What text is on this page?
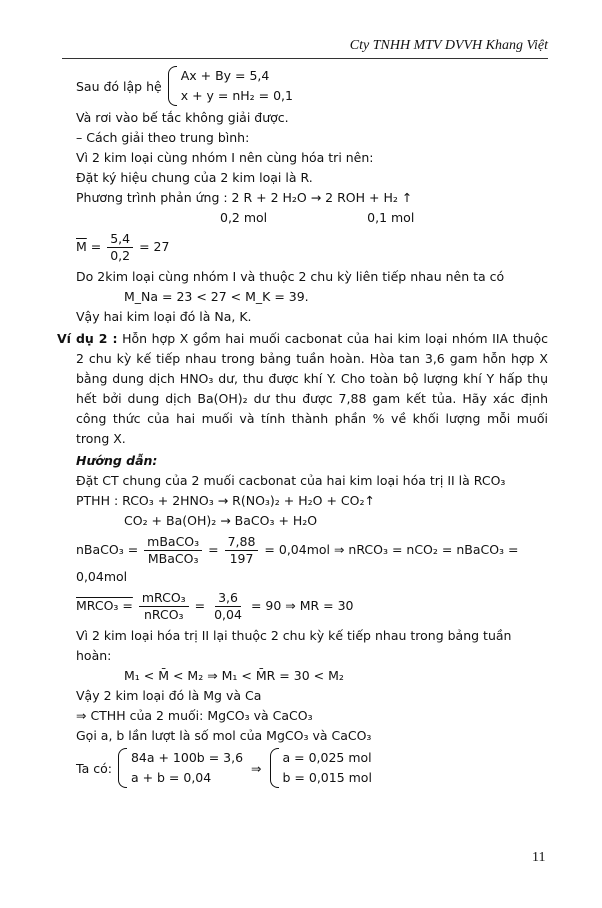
Cty TNHH MTV DVVH Khang Việt
Sau đó lập hệ
Ax + By = 5,4
x + y = nH₂ = 0,1
Và rơi vào bế tắc không giải được.
– Cách giải theo trung bình:
Vì 2 kim loại cùng nhóm I nên cùng hóa tri nên:
Đặt ký hiệu chung của 2 kim loại là R.
Phương trình phản ứng : 2 R + 2 H₂O → 2 ROH + H₂ ↑
0,2 mol	0,1 mol
$\overline{M} = \frac{5,4}{0,2} = 27$
Do 2kim loại cùng nhóm I và thuộc 2 chu kỳ liên tiếp nhau nên ta có
M_Na = 23 < 27 < M_K = 39.
Vậy hai kim loại đó là Na, K.
Ví dụ 2 : Hỗn hợp X gồm hai muối cacbonat của hai kim loại nhóm IIA thuộc 2 chu kỳ kế tiếp nhau trong bảng tuần hoàn. Hòa tan 3,6 gam hỗn hợp X bằng dung dịch HNO₃ dư, thu được khí Y. Cho toàn bộ lượng khí Y hấp thụ hết bởi dung dịch Ba(OH)₂ dư thu được 7,88 gam kết tủa. Hãy xác định công thức của hai muối và tính thành phần % về khối lượng mỗi muối trong X.
Hướng dẫn:
Đặt CT chung của 2 muối cacbonat của hai kim loại hóa trị II là RCO₃
PTHH : RCO₃ + 2HNO₃ → R(NO₃)₂ + H₂O + CO₂↑
CO₂ + Ba(OH)₂ → BaCO₃ + H₂O
nBaCO₃ = $\frac{\text{mBaCO₃}}{\text{MBaCO₃}} = \frac{7,88}{197} = 0,04mol$ ⇒ nRCO₃ = nCO₂ = nBaCO₃ = 0,04mol
MRCO₃ = $\frac{\text{mRCO₃}}{\text{nRCO₃}} = \frac{3,6}{0,04} = 90$ ⇒ MR = 30
Vì 2 kim loại hóa trị II lại thuộc 2 chu kỳ kế tiếp nhau trong bảng tuần hoàn:
M₁ < M̄ < M₂ ⇒ M₁ < M̄R = 30 < M₂
Vậy 2 kim loại đó là Mg và Ca
⇒ CTHH của 2 muối: MgCO₃ và CaCO₃
Gọi a, b lần lượt là số mol của MgCO₃ và CaCO₃
Ta có:
84a + 100b = 3,6
a + b = 0,04
⇒
a = 0,025 mol
b = 0,015 mol
11
